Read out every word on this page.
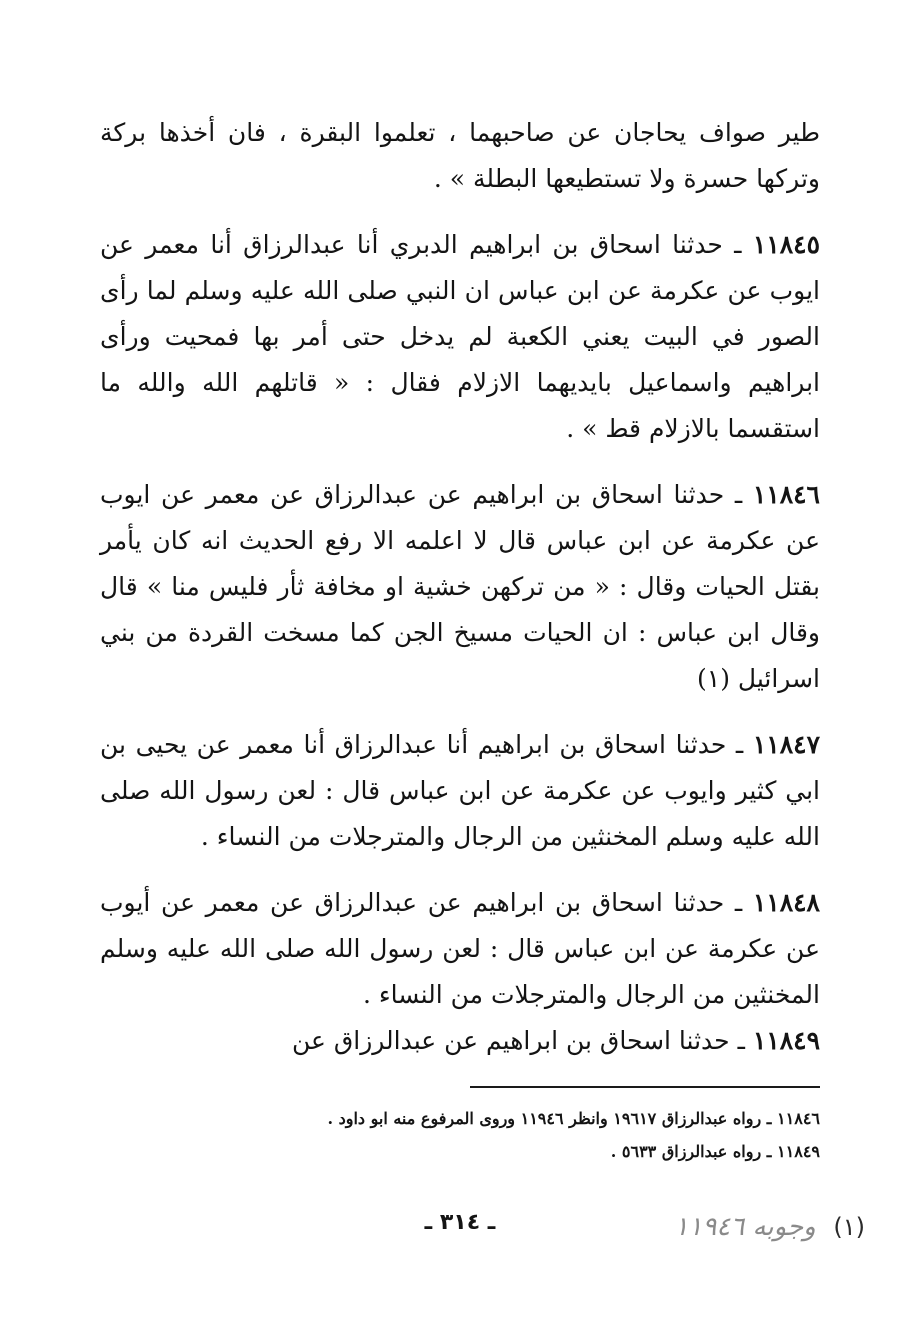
طير صواف يحاجان عن صاحبهما ، تعلموا البقرة ، فان أخذها بركة وتركها حسرة ولا تستطيعها البطلة » .

١١٨٤٥ ـ حدثنا اسحاق بن ابراهيم الدبري أنا عبدالرزاق أنا معمر عن ايوب عن عكرمة عن ابن عباس ان النبي صلى الله عليه وسلم لما رأى الصور في البيت يعني الكعبة لم يدخل حتى أمر بها فمحيت ورأى ابراهيم واسماعيل بايديهما الازلام فقال : « قاتلهم الله والله ما استقسما بالازلام قط » .

١١٨٤٦ ـ حدثنا اسحاق بن ابراهيم عن عبدالرزاق عن معمر عن ايوب عن عكرمة عن ابن عباس قال لا اعلمه الا رفع الحديث انه كان يأمر بقتل الحيات وقال : « من تركهن خشية او مخافة ثأر فليس منا » قال وقال ابن عباس : ان الحيات مسيخ الجن كما مسخت القردة من بني اسرائيل (١)

١١٨٤٧ ـ حدثنا اسحاق بن ابراهيم أنا عبدالرزاق أنا معمر عن يحيى بن ابي كثير وايوب عن عكرمة عن ابن عباس قال : لعن رسول الله صلى الله عليه وسلم المخنثين من الرجال والمترجلات من النساء .

١١٨٤٨ ـ حدثنا اسحاق بن ابراهيم عن عبدالرزاق عن معمر عن أيوب عن عكرمة عن ابن عباس قال : لعن رسول الله صلى الله عليه وسلم المخنثين من الرجال والمترجلات من النساء .

١١٨٤٩ ـ حدثنا اسحاق بن ابراهيم عن عبدالرزاق عن

١١٨٤٦ ـ رواه عبدالرزاق ١٩٦١٧ وانظر ١١٩٤٦ وروى المرفوع منه ابو داود .

١١٨٤٩ ـ رواه عبدالرزاق ٥٦٣٣ .

ـ ٣١٤ ـ	(١) وجوبه ١١٩٤٦
